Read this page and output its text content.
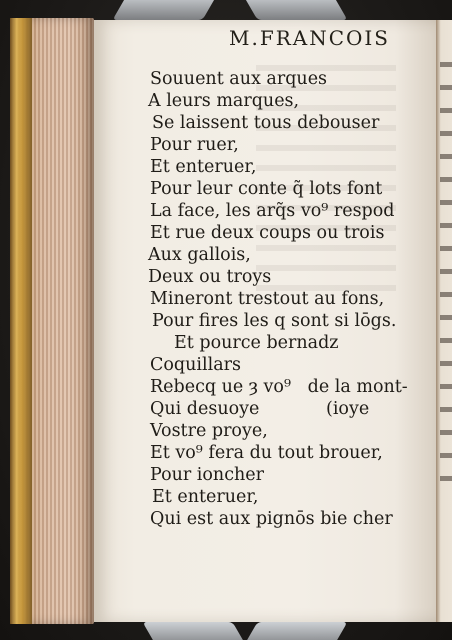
Souuent aux arques
A leurs marques,
Se laissent tous debouser
Pour ruer,
Et enteruer,
Pour leur conte q̃ lots font
La face, les arq̃s vo⁹ respod
Et rue deux coups ou trois
Aux gallois,
Deux ou troys
Mineront trestout au fons,
Pour fires les q sont si lōgs.
Et pource bernadz
Coquillars
Rebecq ue ȝ vo⁹   de la mont-
Qui desuoye	(ioye
Vostre proye,
Et vo⁹ fera du tout brouer,
Pour ioncher
Et enteruer,
Qui est aux pignōs bie cher
M.FRANCOIS
